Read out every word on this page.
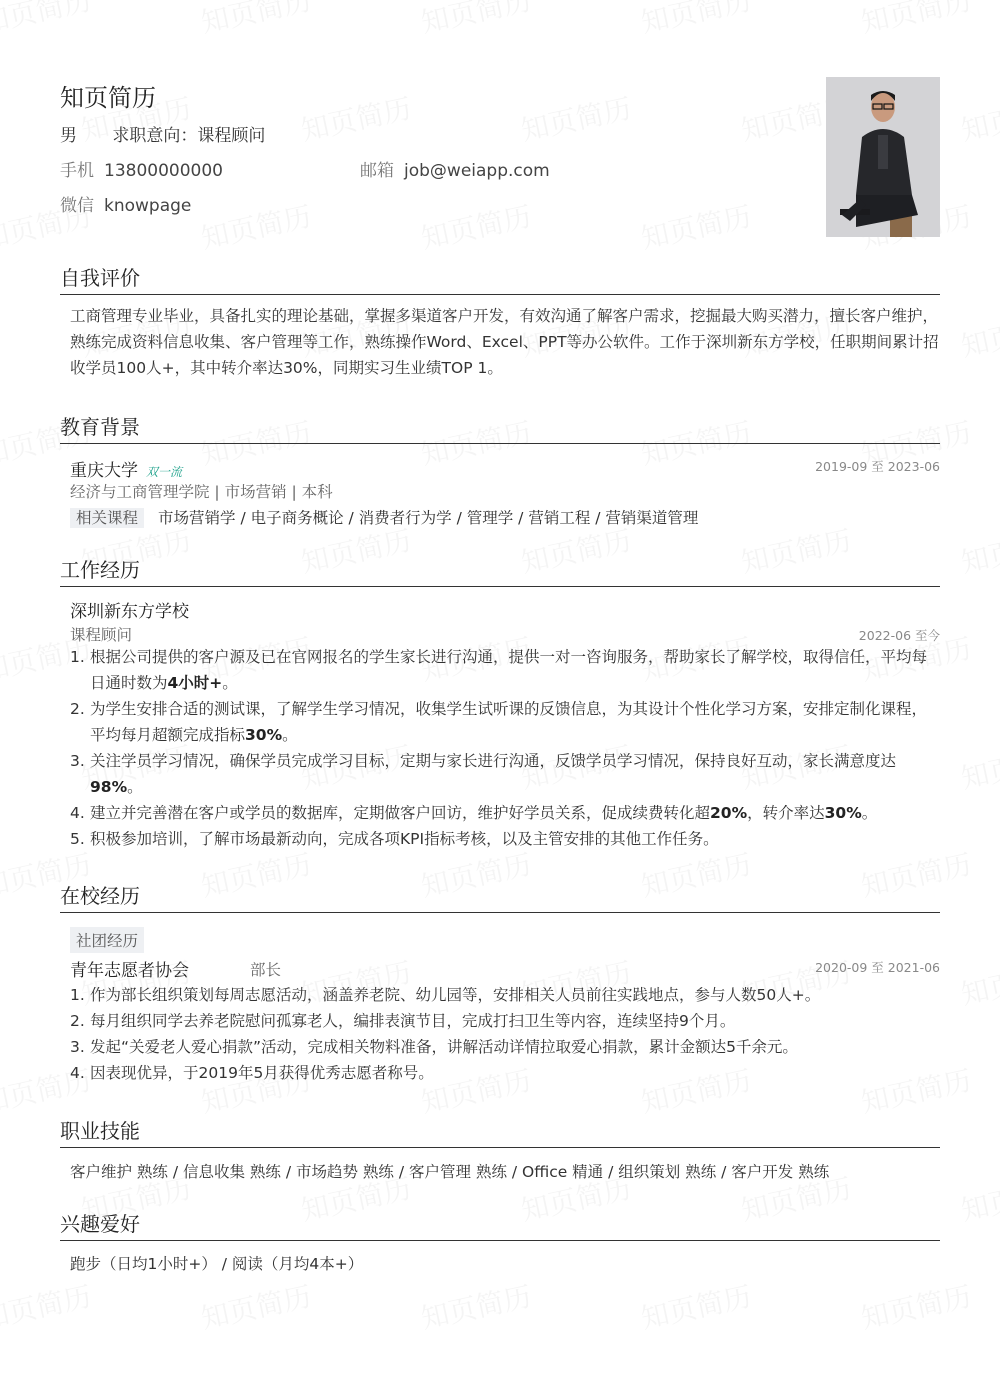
知页简历
男 求职意向：课程顾问
手机 13800000000	邮箱 job@weiapp.com
微信 knowpage
自我评价
工商管理专业毕业，具备扎实的理论基础，掌握多渠道客户开发，有效沟通了解客户需求，挖掘最大购买潜力，擅长客户维护，熟练完成资料信息收集、客户管理等工作，熟练操作Word、Excel、PPT等办公软件。工作于深圳新东方学校，任职期间累计招收学员100人+，其中转介率达30%，同期实习生业绩TOP 1。
教育背景
重庆大学 双一流	2019-09 至 2023-06
经济与工商管理学院 | 市场营销 | 本科
相关课程 市场营销学 / 电子商务概论 / 消费者行为学 / 管理学 / 营销工程 / 营销渠道管理
工作经历
深圳新东方学校
课程顾问	2022-06 至今
1. 根据公司提供的客户源及已在官网报名的学生家长进行沟通，提供一对一咨询服务，帮助家长了解学校，取得信任，平均每日通时数为4小时+。
2. 为学生安排合适的测试课，了解学生学习情况，收集学生试听课的反馈信息，为其设计个性化学习方案，安排定制化课程，平均每月超额完成指标30%。
3. 关注学员学习情况，确保学员完成学习目标，定期与家长进行沟通，反馈学员学习情况，保持良好互动，家长满意度达98%。
4. 建立并完善潜在客户或学员的数据库，定期做客户回访，维护好学员关系，促成续费转化超20%，转介率达30%。
5. 积极参加培训，了解市场最新动向，完成各项KPI指标考核，以及主管安排的其他工作任务。
在校经历
社团经历
青年志愿者协会	部长	2020-09 至 2021-06
1. 作为部长组织策划每周志愿活动，涵盖养老院、幼儿园等，安排相关人员前往实践地点，参与人数50人+。
2. 每月组织同学去养老院慰问孤寡老人，编排表演节目，完成打扫卫生等内容，连续坚持9个月。
3. 发起“关爱老人爱心捐款”活动，完成相关物料准备，讲解活动详情拉取爱心捐款，累计金额达5千余元。
4. 因表现优异，于2019年5月获得优秀志愿者称号。
职业技能
客户维护 熟练 / 信息收集 熟练 / 市场趋势 熟练 / 客户管理 熟练 / Office 精通 / 组织策划 熟练 / 客户开发 熟练
兴趣爱好
跑步（日均1小时+） / 阅读（月均4本+）
